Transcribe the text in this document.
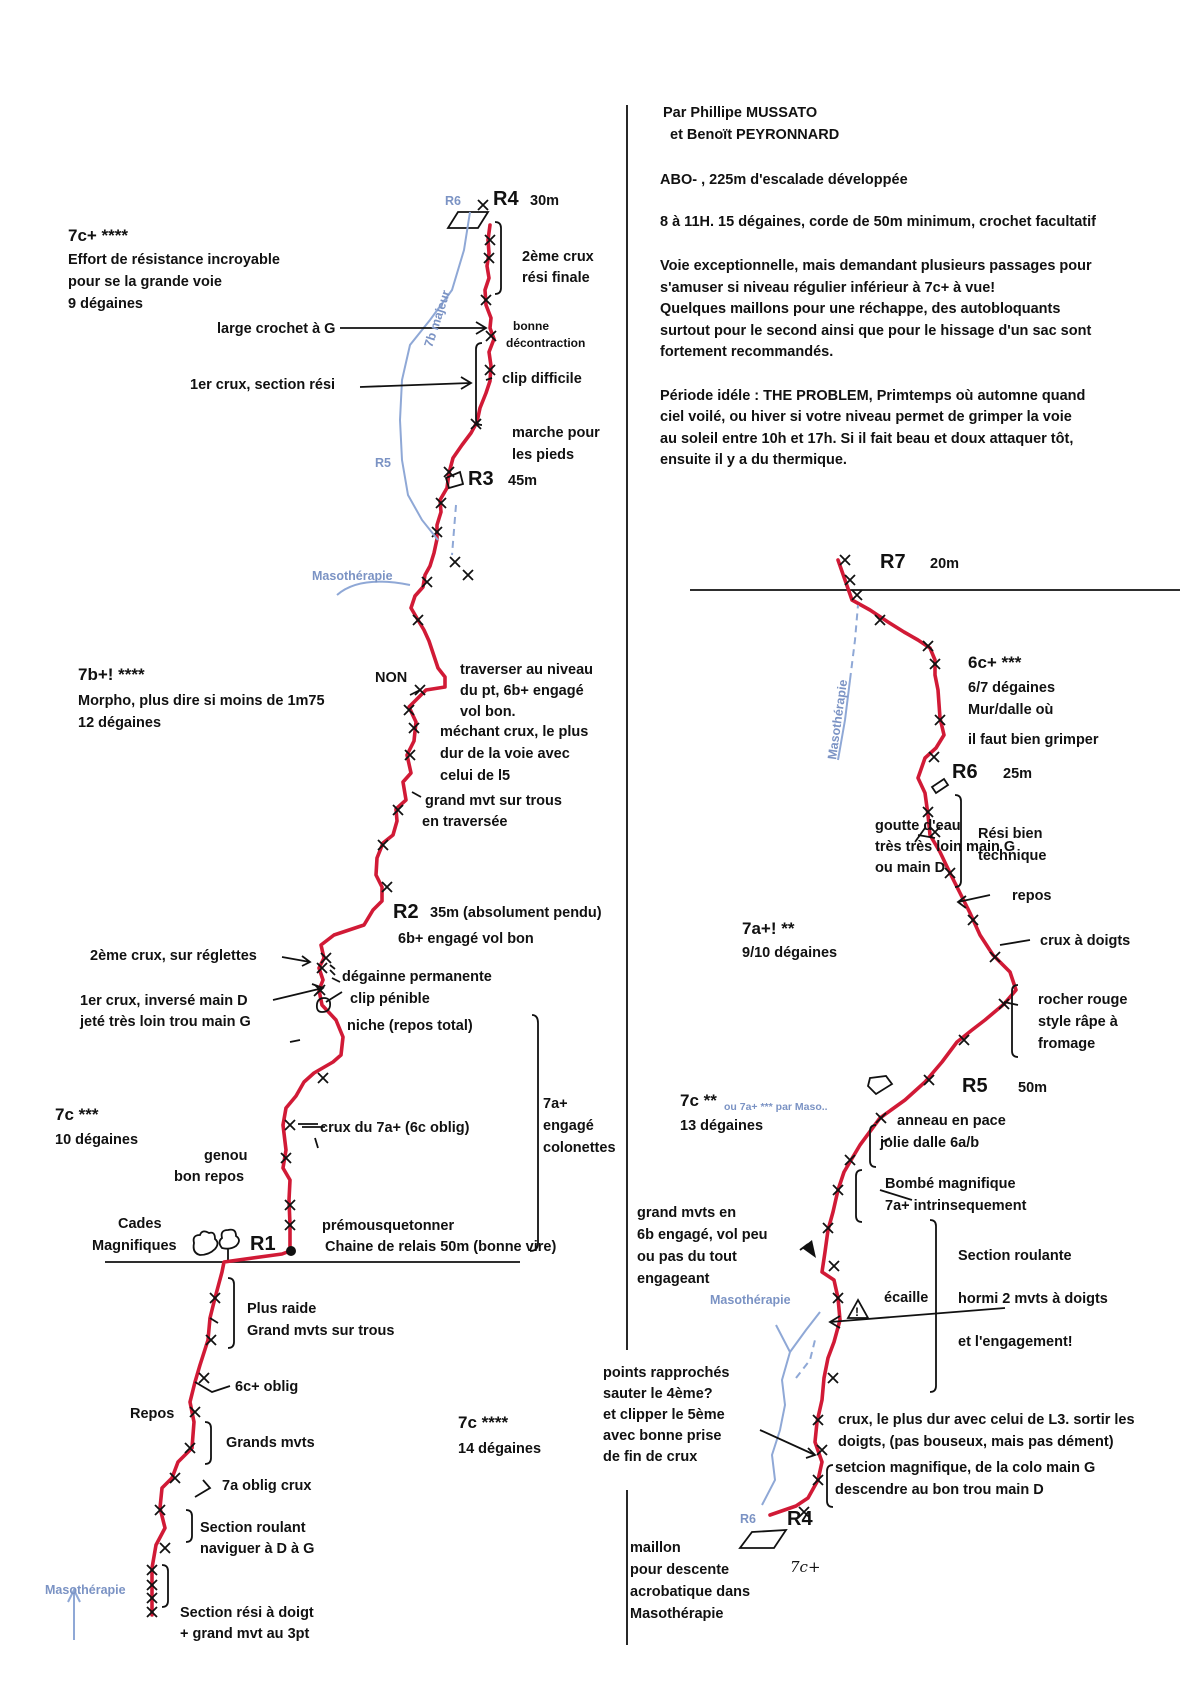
Par Phillipe MUSSATO
et Benoït PEYRONNARD
ABO- , 225m d'escalade développée
8 à 11H. 15 dégaines, corde de 50m minimum, crochet facultatif
Voie exceptionnelle, mais demandant plusieurs passages pour
s'amuser si niveau régulier inférieur à 7c+ à vue!
Quelques maillons pour une réchappe, des autobloquants
surtout pour le second ainsi que pour le hissage d'un sac sont
fortement recommandés.
Période idéle : THE PROBLEM, Primtemps où automne quand
ciel voilé, ou hiver si votre niveau permet de grimper la voie
au soleil entre 10h et 17h. Si il fait beau et doux attaquer tôt,
ensuite il y a du thermique.
!
7c+ ****
Effort de résistance incroyable
pour se la grande voie
9 dégaines
7b+! ****
Morpho, plus dire si moins de 1m75
12 dégaines
7c ***
10 dégaines
7c ****
14 dégaines
R1
R2 35m (absolument pendu)
R3 45m
R4 30m
Section rési à doigt
+ grand mvt au 3pt
Section roulant
naviguer à D à G
7a oblig crux
Grands mvts
Repos
6c+ oblig
Plus raide
Grand mvts sur trous
Cades
Magnifiques
prémousquetonner
Chaine de relais 50m (bonne vire)
genou
bon repos
crux du 7a+ (6c oblig)
7a+
engagé
colonettes
niche (repos total)
1er crux, inversé main D
jeté très loin trou main G
clip pénible
dégainne permanente
2ème crux, sur réglettes
6b+ engagé vol bon
grand mvt sur trous
en traversée
méchant crux, le plus
dur de la voie avec
celui de l5
NON	traverser au niveau
du pt, 6b+ engagé
vol bon.
marche pour
les pieds
clip difficile
1er crux, section rési
bonne
décontraction
large crochet à G
2ème crux
rési finale
R6
R5
Masothérapie
Masothérapie
7b majeur
R7 20m
R6 25m
R5 50m
R4
R6
6c+ ***
6/7 dégaines
Mur/dalle où
il faut bien grimper
7a+! **
9/10 dégaines
7c ** ou 7a+ *** par Maso..
13 dégaines
goutte d'eau
très très loin main G
ou main D
Rési bien
technique
repos
crux à doigts
rocher rouge
style râpe à
fromage
anneau en pace
jolie dalle 6a/b
Bombé magnifique
7a+ intrinsequement
grand mvts en
6b engagé, vol peu
ou pas du tout
engageant
Section roulante
hormi 2 mvts à doigts
et l'engagement!
écaille
Masothérapie
Masothérapie
points rapprochés
sauter le 4ème?
et clipper le 5ème
avec bonne prise
de fin de crux
crux, le plus dur avec celui de L3. sortir les
doigts, (pas bouseux, mais pas dément)
setcion magnifique, de la colo main G
descendre au bon trou main D
maillon
pour descente
acrobatique dans
Masothérapie
7c+
